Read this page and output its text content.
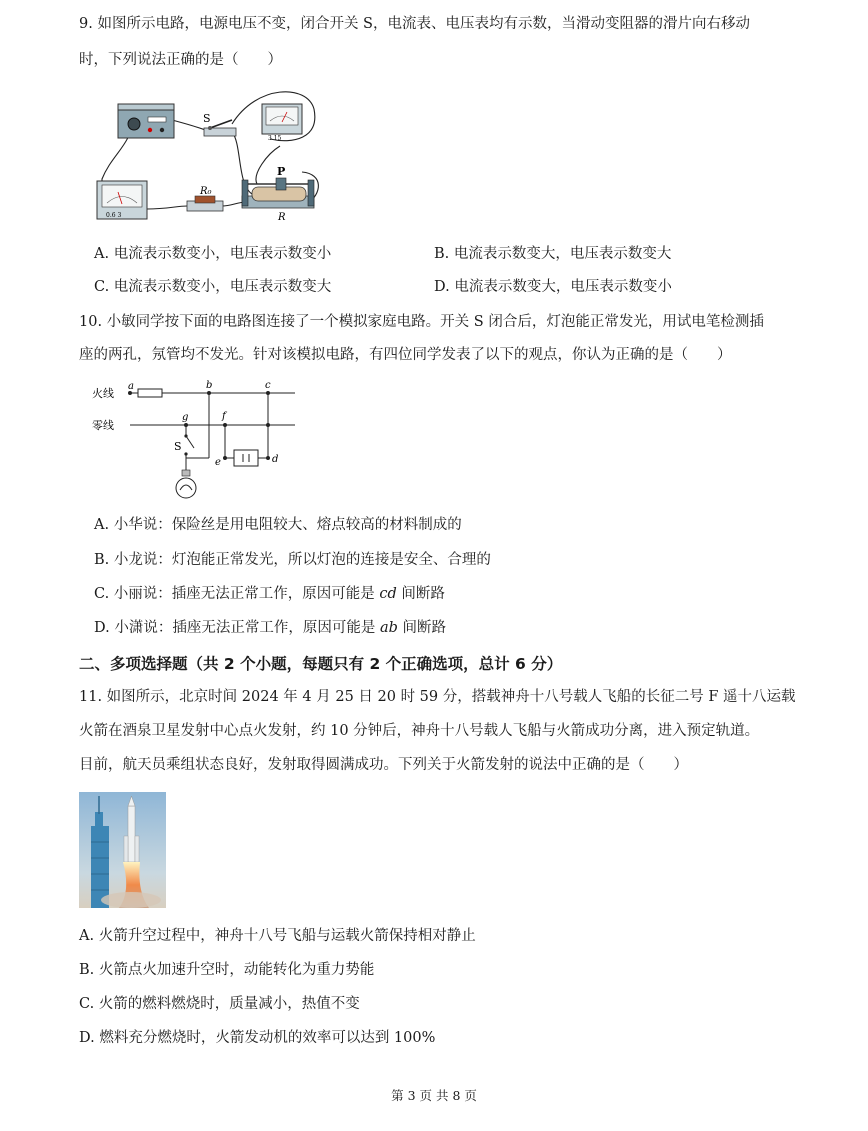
9. 如图所示电路，电源电压不变，闭合开关 S，电流表、电压表均有示数，当滑动变阻器的滑片向右移动
时，下列说法正确的是（　　）
S
3 15
0.6 3
R₀
P
R
A. 电流表示数变小，电压表示数变小	B. 电流表示数变大，电压表示数变大
C. 电流表示数变小，电压表示数变大	D. 电流表示数变大，电压表示数变小
10. 小敏同学按下面的电路图连接了一个模拟家庭电路。开关 S 闭合后，灯泡能正常发光，用试电笔检测插
座的两孔，氖管均不发光。针对该模拟电路，有四位同学发表了以下的观点，你认为正确的是（　　）
火线
零线
a	b	c
d
e
f
g
S
A. 小华说：保险丝是用电阻较大、熔点较高的材料制成的
B. 小龙说：灯泡能正常发光，所以灯泡的连接是安全、合理的
C. 小丽说：插座无法正常工作，原因可能是 cd 间断路
D. 小潇说：插座无法正常工作，原因可能是 ab 间断路
二、多项选择题（共 2 个小题，每题只有 2 个正确选项，总计 6 分）
11. 如图所示，北京时间 2024 年 4 月 25 日 20 时 59 分，搭载神舟十八号载人飞船的长征二号 F 遥十八运载
火箭在酒泉卫星发射中心点火发射，约 10 分钟后，神舟十八号载人飞船与火箭成功分离，进入预定轨道。
目前，航天员乘组状态良好，发射取得圆满成功。下列关于火箭发射的说法中正确的是（　　）
A. 火箭升空过程中，神舟十八号飞船与运载火箭保持相对静止
B. 火箭点火加速升空时，动能转化为重力势能
C. 火箭的燃料燃烧时，质量减小，热值不变
D. 燃料充分燃烧时，火箭发动机的效率可以达到 100%
第 3 页 共 8 页
